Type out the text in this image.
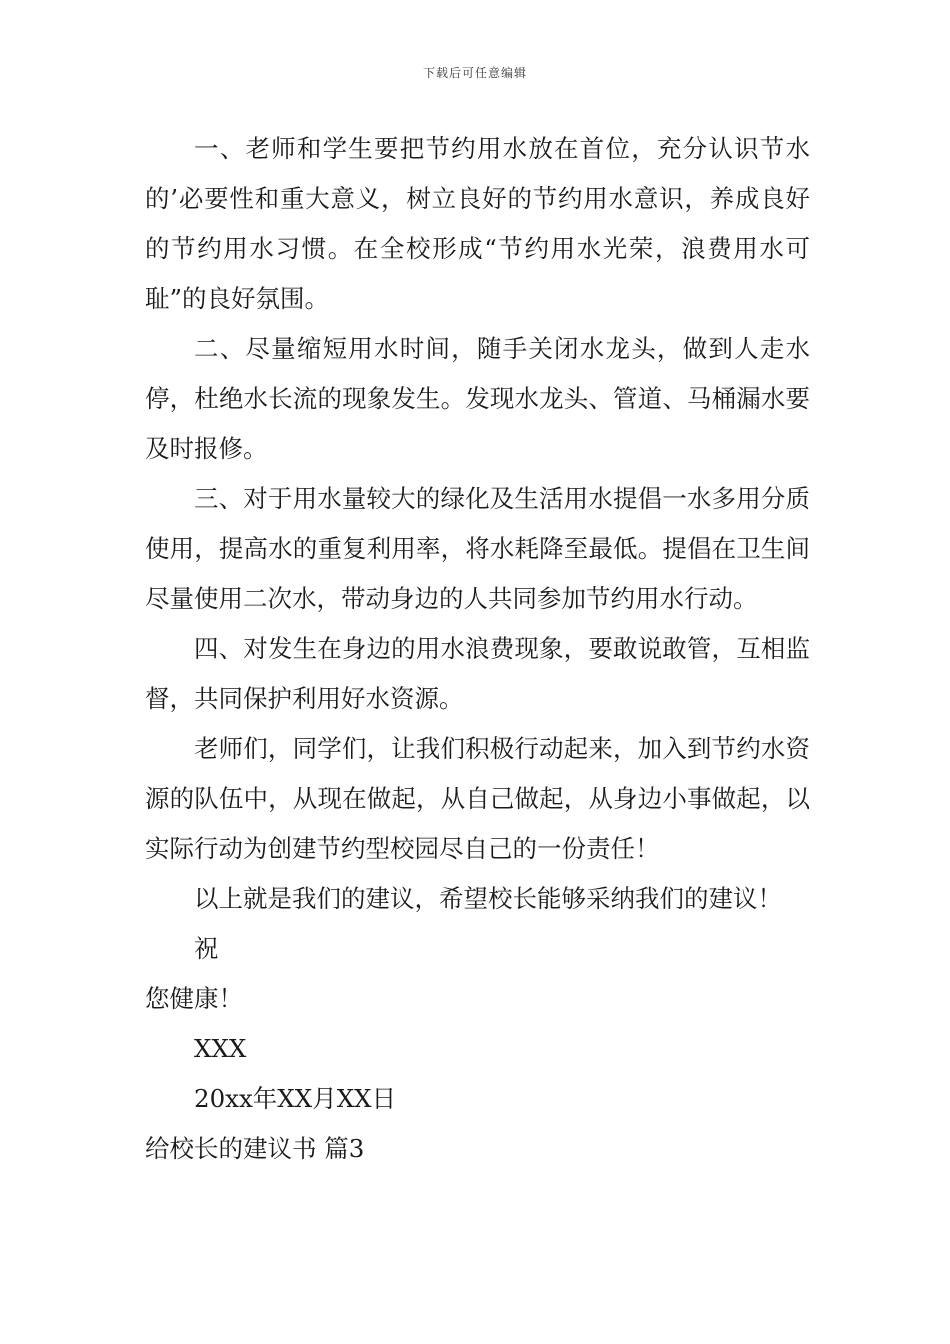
下载后可任意编辑

一、老师和学生要把节约用水放在首位，充分认识节水的’必要性和重大意义，树立良好的节约用水意识，养成良好的节约用水习惯。在全校形成“节约用水光荣，浪费用水可耻”的良好氛围。

二、尽量缩短用水时间，随手关闭水龙头，做到人走水停，杜绝水长流的现象发生。发现水龙头、管道、马桶漏水要及时报修。

三、对于用水量较大的绿化及生活用水提倡一水多用分质使用，提高水的重复利用率，将水耗降至最低。提倡在卫生间尽量使用二次水，带动身边的人共同参加节约用水行动。

四、对发生在身边的用水浪费现象，要敢说敢管，互相监督，共同保护利用好水资源。

老师们，同学们，让我们积极行动起来，加入到节约水资源的队伍中，从现在做起，从自己做起，从身边小事做起，以实际行动为创建节约型校园尽自己的一份责任！

以上就是我们的建议，希望校长能够采纳我们的建议！

祝

您健康！

XXX

20xx年XX月XX日

给校长的建议书 篇3
